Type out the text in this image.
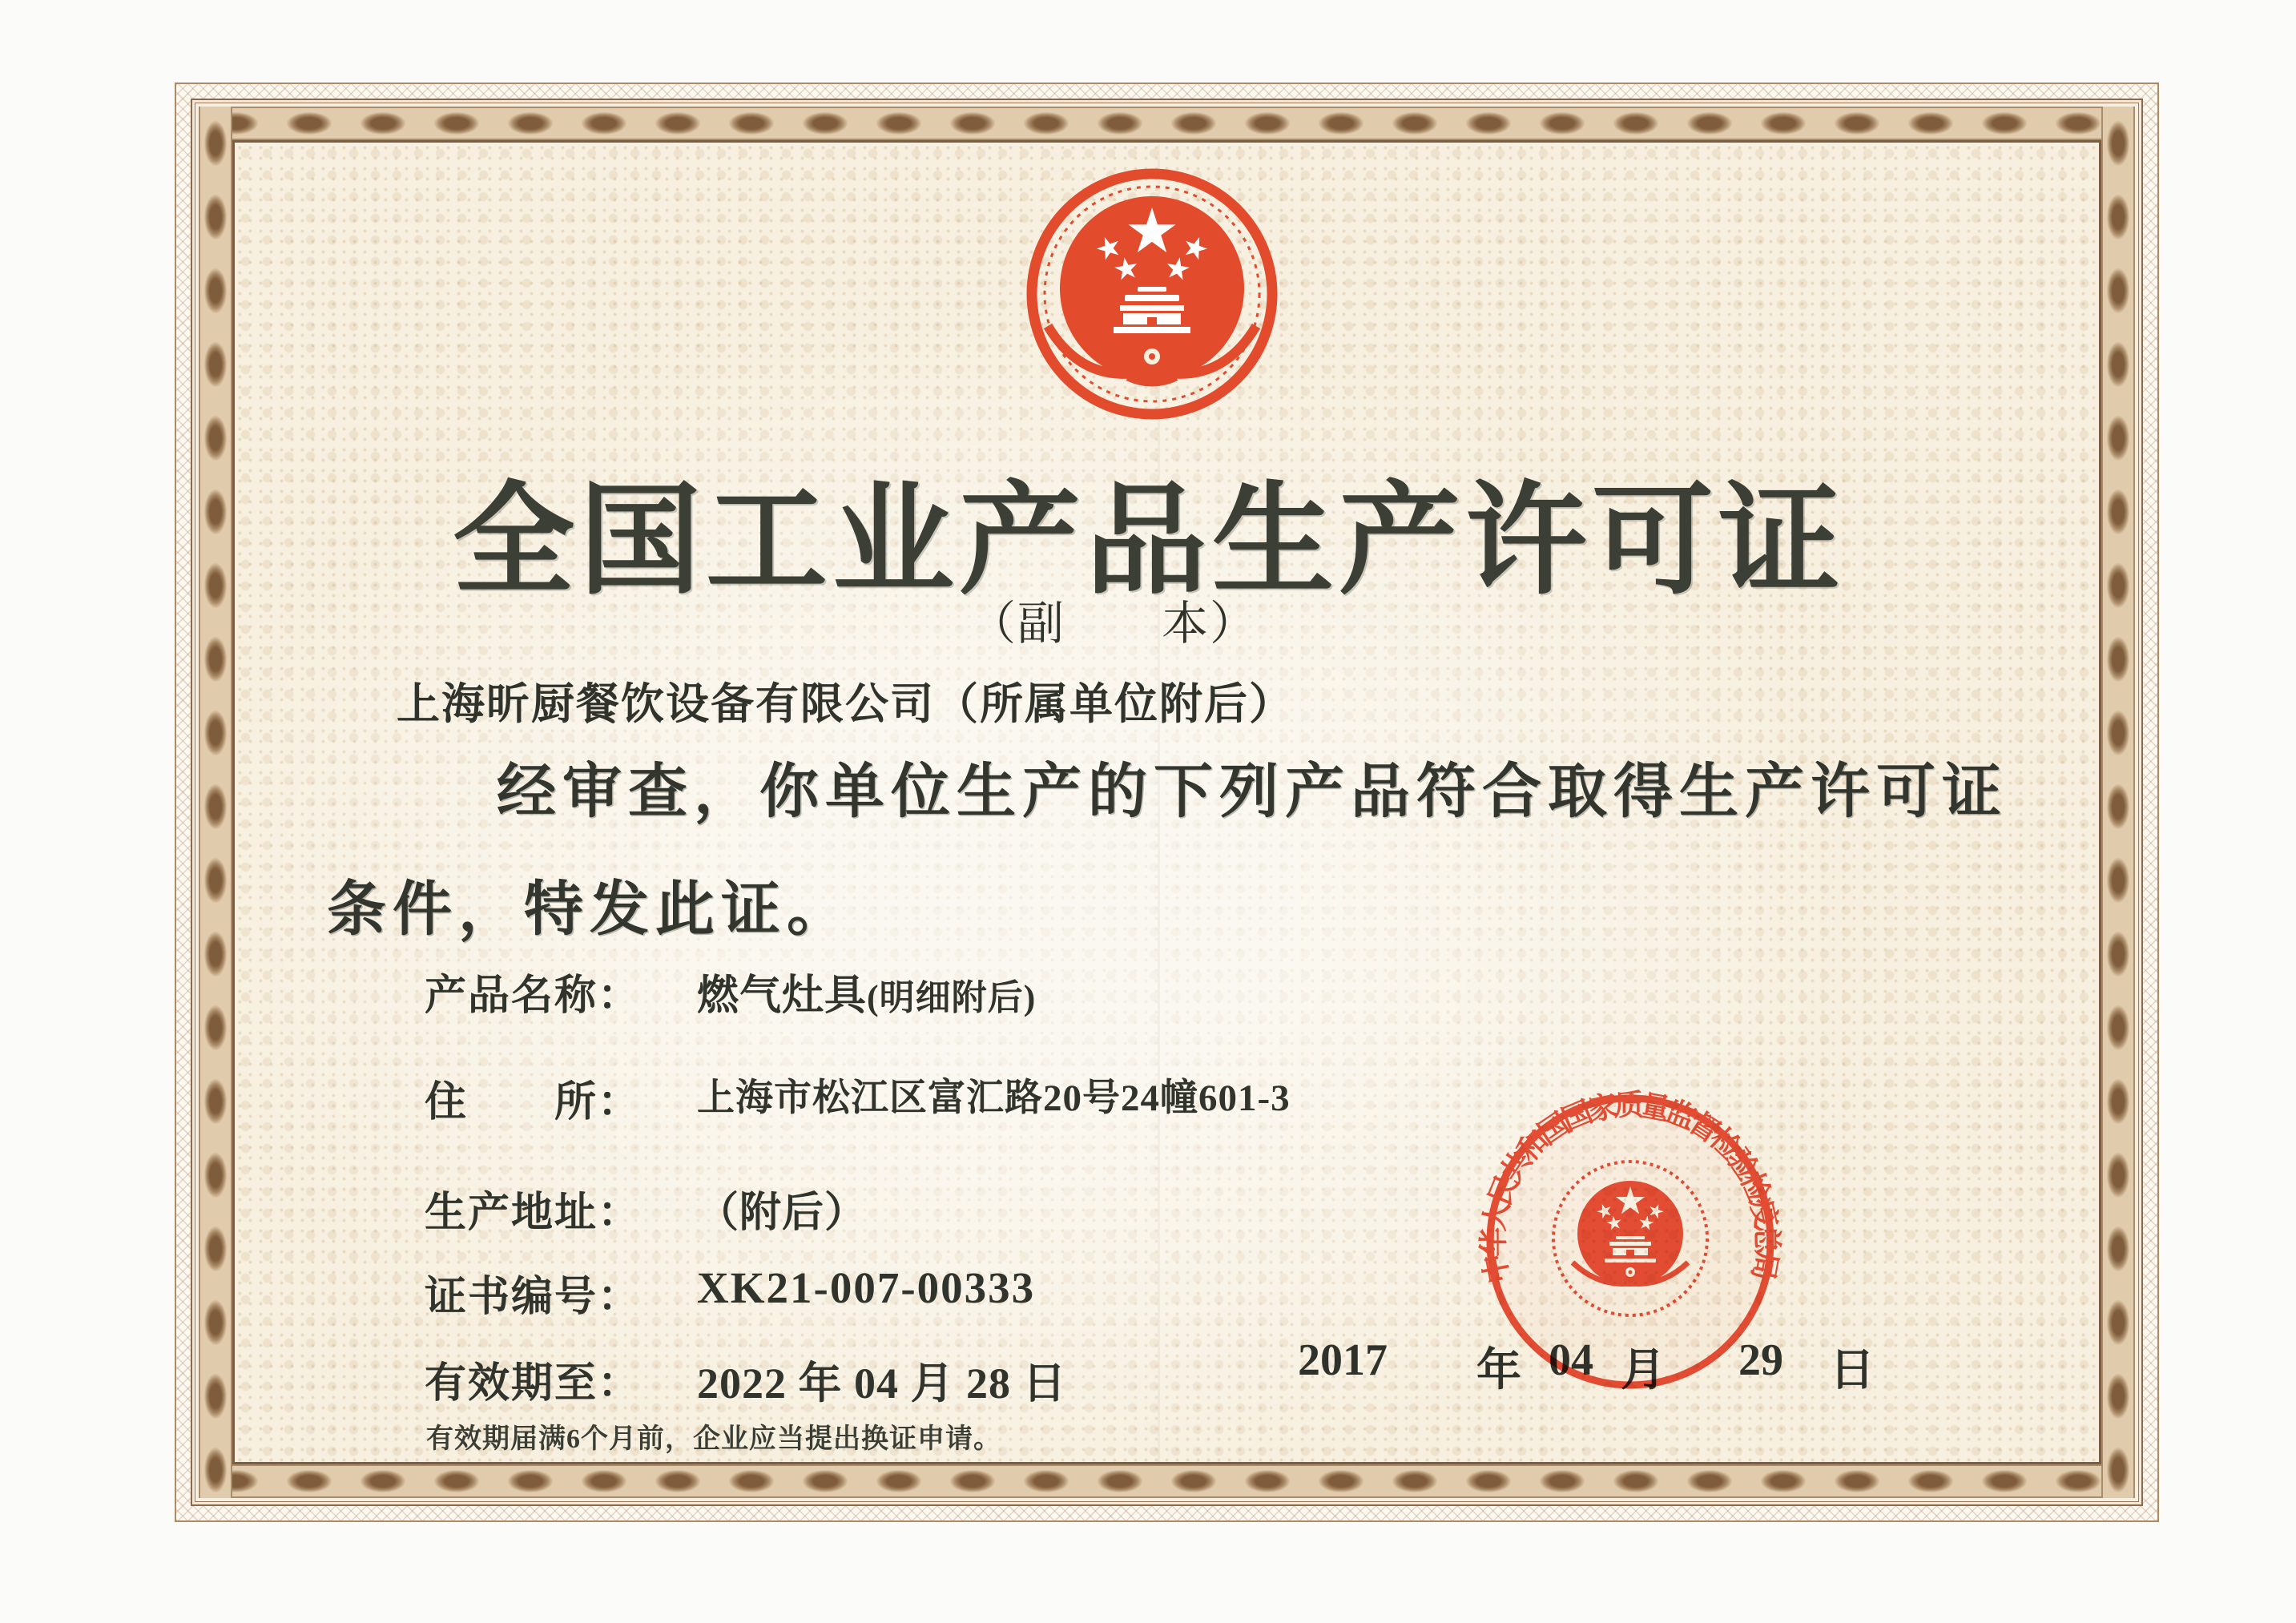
全国工业产品生产许可证
（副　　本）
上海昕厨餐饮设备有限公司（所属单位附后）
经审查，你单位生产的下列产品符合取得生产许可证
条件，特发此证。
产品名称： 燃气灶具(明细附后)
住　　所： 上海市松江区富汇路20号24幢601-3
生产地址： （附后）
证书编号： XK21-007-00333
有效期至： 2022 年 04 月 28 日
有效期届满6个月前，企业应当提出换证申请。
2017 年	29 日
中华人民共和国国家质量监督检验检疫总局
